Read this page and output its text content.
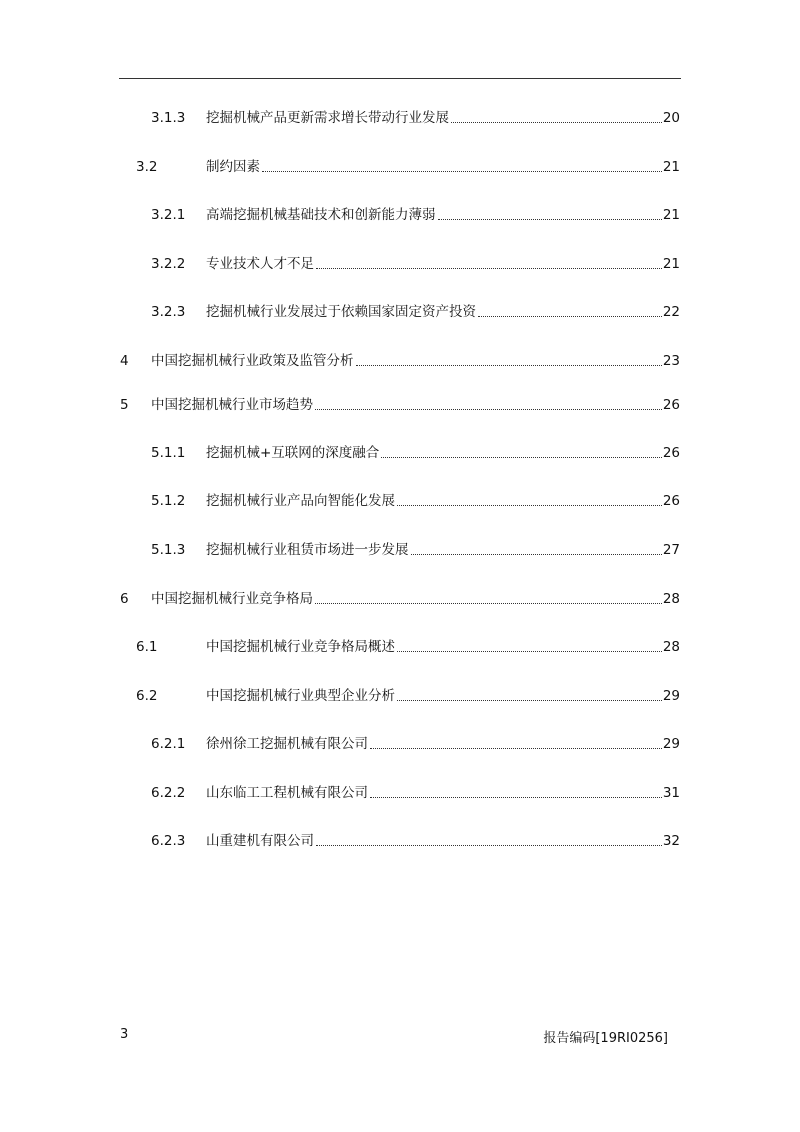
3.1.3	挖掘机械产品更新需求增长带动行业发展	20
3.2	制约因素	21
3.2.1	高端挖掘机械基础技术和创新能力薄弱	21
3.2.2	专业技术人才不足	21
3.2.3	挖掘机械行业发展过于依赖国家固定资产投资	22
4	中国挖掘机械行业政策及监管分析	23
5	中国挖掘机械行业市场趋势	26
5.1.1	挖掘机械+互联网的深度融合	26
5.1.2	挖掘机械行业产品向智能化发展	26
5.1.3	挖掘机械行业租赁市场进一步发展	27
6	中国挖掘机械行业竞争格局	28
6.1	中国挖掘机械行业竞争格局概述	28
6.2	中国挖掘机械行业典型企业分析	29
6.2.1	徐州徐工挖掘机械有限公司	29
6.2.2	山东临工工程机械有限公司	31
6.2.3	山重建机有限公司	32
3	报告编码[19RI0256]
